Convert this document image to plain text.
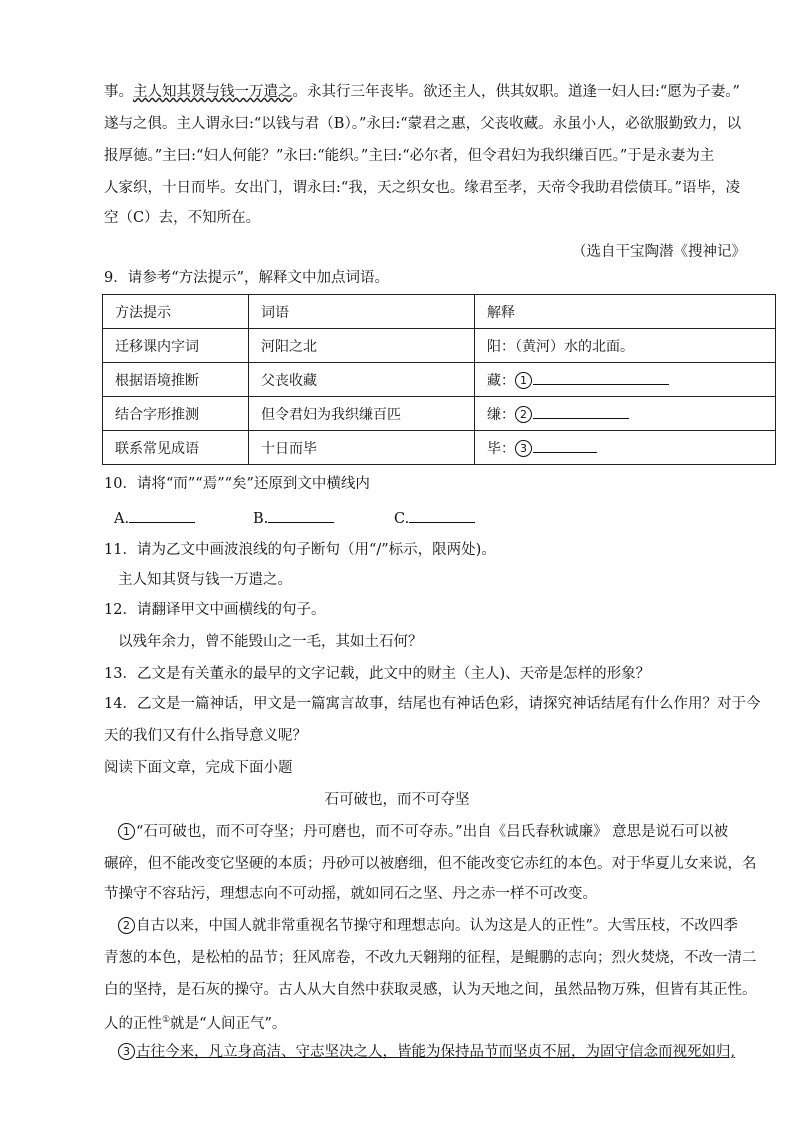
事。主人知其贤与钱一万遣之。永其行三年丧毕。欲还主人，供其奴职。道逢一妇人曰:“愿为子妻。”
遂与之俱。主人谓永曰:“以钱与君（B）。”永曰:“蒙君之惠，父丧收藏。永虽小人，必欲服勤致力，以
报厚德。”主曰:“妇人何能？”永曰:“能织。”主曰:“必尔者，但令君妇为我织缣百匹。”于是永妻为主
人家织，十日而毕。女出门，谓永曰:“我，天之织女也。缘君至孝，天帝令我助君偿债耳。”语毕，凌
空（C）去，不知所在。
（选自干宝陶潜《搜神记》
9．请参考“方法提示”，解释文中加点词语。
方法提示	词语	解释
迁移课内字词	河阳之北	阳：（黄河）水的北面。
根据语境推断	父丧收藏	藏： 1
结合字形推测	但令君妇为我织缣百匹	缣： 2
联系常见成语	十日而毕	毕： 3
10．请将“而”“焉”“矣”还原到文中横线内
A.	B.	C.
11．请为乙文中画波浪线的句子断句（用“/”标示，限两处)。
主人知其贤与钱一万遣之。
12．请翻译甲文中画横线的句子。
以残年余力，曾不能毁山之一毛，其如土石何？
13．乙文是有关董永的最早的文字记载，此文中的财主（主人)、天帝是怎样的形象？
14．乙文是一篇神话，甲文是一篇寓言故事，结尾也有神话色彩，请探究神话结尾有什么作用？对于今
天的我们又有什么指导意义呢？
阅读下面文章，完成下面小题
石可破也，而不可夺坚
1 “石可破也，而不可夺坚；丹可磨也，而不可夺赤。”出自《吕氏春秋诚廉》 意思是说石可以被
碾碎，但不能改变它坚硬的本质；丹砂可以被磨细，但不能改变它赤红的本色。对于华夏儿女来说，名
节操守不容玷污，理想志向不可动摇，就如同石之坚、丹之赤一样不可改变。
2 自古以来，中国人就非常重视名节操守和理想志向。认为这是人的正性”。大雪压枝，不改四季
青葱的本色，是松柏的品节；狂风席卷，不改九天翱翔的征程，是鲲鹏的志向；烈火焚烧，不改一清二
白的坚持，是石灰的操守。古人从大自然中获取灵感，认为天地之间，虽然品物万殊，但皆有其正性。
人的正性①就是“人间正气”。
3 古往今来，凡立身高洁、守志坚决之人，皆能为保持品节而坚贞不屈，为固守信念而视死如归,
